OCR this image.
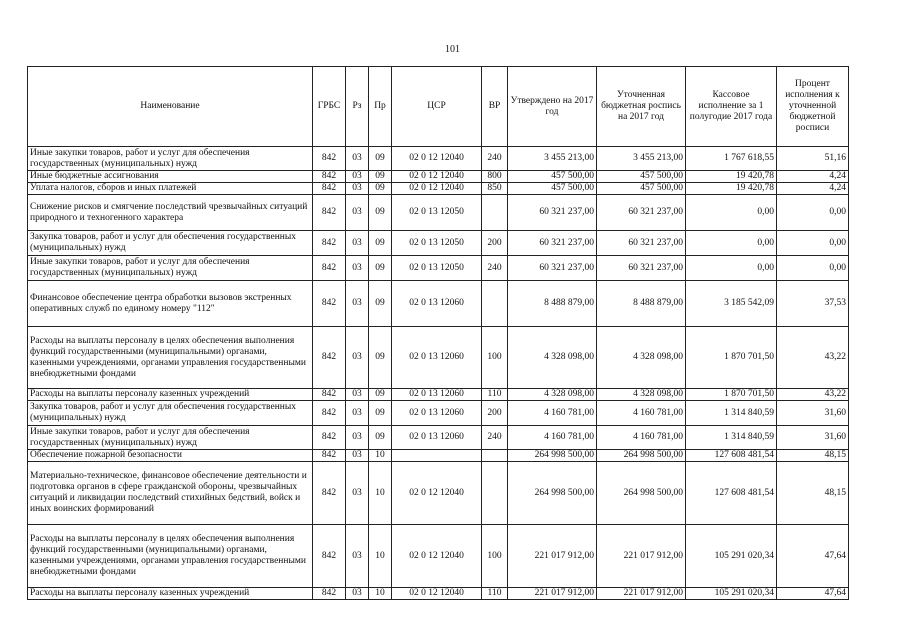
101
Наименование	ГРБС	Рз	Пр	ЦСР	ВР	Утверждено на 2017 год	Уточненная бюджетная роспись на 2017 год	Кассовое исполнение за 1 полугодие 2017 года	Процент исполнения к уточненной бюджетной росписи
Иные закупки товаров, работ и услуг для обеспечения государственных (муниципальных) нужд	842	03	09	02 0 12 12040	240	3 455 213,00	3 455 213,00	1 767 618,55	51,16
Иные бюджетные ассигнования	842	03	09	02 0 12 12040	800	457 500,00	457 500,00	19 420,78	4,24
Уплата налогов, сборов и иных платежей	842	03	09	02 0 12 12040	850	457 500,00	457 500,00	19 420,78	4,24
Снижение рисков и смягчение последствий чрезвычайных ситуаций природного и техногенного характера	842	03	09	02 0 13 12050		60 321 237,00	60 321 237,00	0,00	0,00
Закупка товаров, работ и услуг для обеспечения государственных (муниципальных) нужд	842	03	09	02 0 13 12050	200	60 321 237,00	60 321 237,00	0,00	0,00
Иные закупки товаров, работ и услуг для обеспечения государственных (муниципальных) нужд	842	03	09	02 0 13 12050	240	60 321 237,00	60 321 237,00	0,00	0,00
Финансовое обеспечение центра обработки вызовов экстренных оперативных служб по единому номеру "112"	842	03	09	02 0 13 12060		8 488 879,00	8 488 879,00	3 185 542,09	37,53
Расходы на выплаты персоналу в целях обеспечения выполнения функций государственными (муниципальными) органами, казенными учреждениями, органами управления государственными внебюджетными фондами	842	03	09	02 0 13 12060	100	4 328 098,00	4 328 098,00	1 870 701,50	43,22
Расходы на выплаты персоналу казенных учреждений	842	03	09	02 0 13 12060	110	4 328 098,00	4 328 098,00	1 870 701,50	43,22
Закупка товаров, работ и услуг для обеспечения государственных (муниципальных) нужд	842	03	09	02 0 13 12060	200	4 160 781,00	4 160 781,00	1 314 840,59	31,60
Иные закупки товаров, работ и услуг для обеспечения государственных (муниципальных) нужд	842	03	09	02 0 13 12060	240	4 160 781,00	4 160 781,00	1 314 840,59	31,60
Обеспечение пожарной безопасности	842	03	10			264 998 500,00	264 998 500,00	127 608 481,54	48,15
Материально-техническое, финансовое обеспечение деятельности и подготовка органов в сфере гражданской обороны, чрезвычайных ситуаций и ликвидации последствий стихийных бедствий, войск и иных воинских формирований	842	03	10	02 0 12 12040		264 998 500,00	264 998 500,00	127 608 481,54	48,15
Расходы на выплаты персоналу в целях обеспечения выполнения функций государственными (муниципальными) органами, казенными учреждениями, органами управления государственными внебюджетными фондами	842	03	10	02 0 12 12040	100	221 017 912,00	221 017 912,00	105 291 020,34	47,64
Расходы на выплаты персоналу казенных учреждений	842	03	10	02 0 12 12040	110	221 017 912,00	221 017 912,00	105 291 020,34	47,64
